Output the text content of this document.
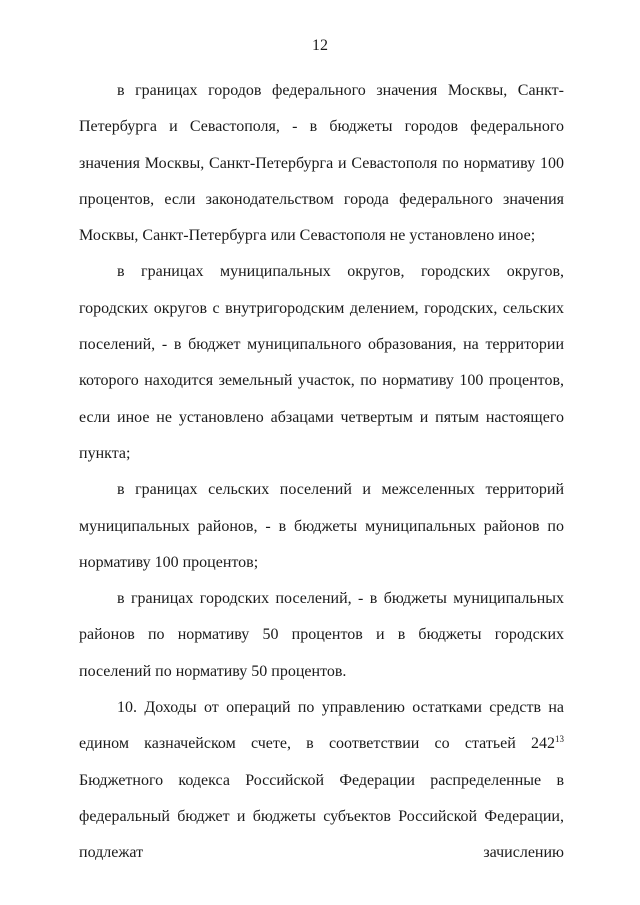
12

в границах городов федерального значения Москвы, Санкт-Петербурга и Севастополя, - в бюджеты городов федерального значения Москвы, Санкт-Петербурга и Севастополя по нормативу 100 процентов, если законодательством города федерального значения Москвы, Санкт-Петербурга или Севастополя не установлено иное;

в границах муниципальных округов, городских округов, городских округов с внутригородским делением, городских, сельских поселений, - в бюджет муниципального образования, на территории которого находится земельный участок, по нормативу 100 процентов, если иное не установлено абзацами четвертым и пятым настоящего пункта;

в границах сельских поселений и межселенных территорий муниципальных районов, - в бюджеты муниципальных районов по нормативу 100 процентов;

в границах городских поселений, - в бюджеты муниципальных районов по нормативу 50 процентов и в бюджеты городских поселений по нормативу 50 процентов.

10. Доходы от операций по управлению остатками средств на едином казначейском счете, в соответствии со статьей $242^{13}$ Бюджетного кодекса Российской Федерации распределенные в федеральный бюджет и бюджеты субъектов Российской Федерации, подлежат зачислению
